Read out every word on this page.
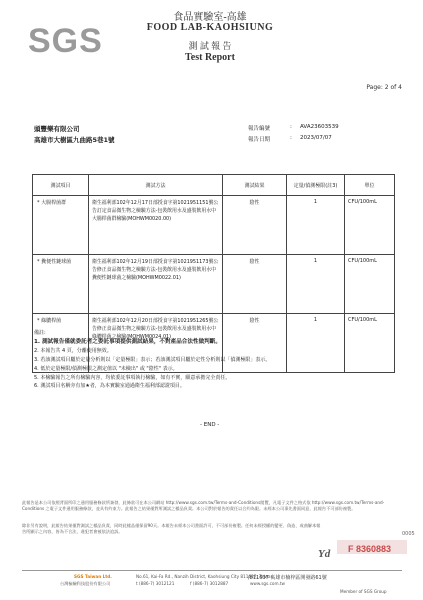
SGS
食品實驗室-高雄
FOOD LAB-KAOHSIUNG
測 試 報 告
Test Report
Page: 2 of 4
頭豐樂有限公司
高雄市大樹區九曲路5巷1號
報告編號	: AVA23603539
報告日期	: 2023/07/07
測試項目	測試方法	測試結果	定量/偵測極限(註3)	單位
* 大腸桿菌群	衛生福利部102年12月17日部授食字第1021951151號公告訂定食品微生物之檢驗方法-包裝飲用水及盛裝飲用水中大腸桿菌群檢驗(MOHWM0020.00)	陰性	1	CFU/100mL
* 糞便性鏈球菌	衛生福利部102年12月19日部授食字第1021951173號公告修正食品微生物之檢驗方法-包裝飲用水及盛裝飲用水中糞便性鏈球菌之檢驗(MOHWM0022.01)	陰性	1	CFU/100mL
* 綠膿桿菌	衛生福利部102年12月20日部授食字第1021951265號公告修正食品微生物之檢驗方法-包裝飲用水及盛裝飲用水中綠膿桿菌之檢驗(MOHWM0024.01)	陰性	1	CFU/100mL
備註:
1. 測試報告僅就委託者之委託事項提供測試結果，不對產品合法性做判斷。
2. 本報告共 4 頁，分離使用無效。
3. 若該測試項目屬於定量分析則以「定量極限」表示；若該測試項目屬於定性分析則以「偵測極限」表示。
4. 低於定量極限/偵測極限之測定值以 "未檢出" 或 "陰性" 表示。
5. 本檢驗報告之所有檢驗內容，均依委託事項執行檢驗，如有不實，願意承擔完全責任。
6. 測試項目名稱旁有加★者，為本實驗室通過衛生福利部認證項目。
- END -
此報告是本公司依照背面所印之通用服務條款所簽發，此條款可在本公司網站 http://www.sgs.com.tw/Terms-and-Conditions閱覽，凡電子文件之格式依 http://www.sgs.com.tw/Terms-and-Conditions 之電子文件通用服務條款，並具有約束力。此報告之結果僅對所測試之樣品負責。本公司對於報告的責任以合約為限。未經本公司事先書面同意，此報告不可部份複製。
除非另有說明，此報告結果僅對測試之樣品負責，同時此樣品僅保留90天。本報告未經本公司書面許可，不可部份複製。任何未經授權的變更、偽造、或曲解本報告所顯示之內容，皆為不合法，違犯者會被依法追訴。
F 8360883
Yd
0005
SGS Taiwan Ltd.
台灣檢驗科技股份有限公司
No.61, Kai-Fa Rd., Nanzih District, Kaohsiung City 811637, Taiwan
/811637 高雄市楠梓區開發路61號
t (886-7) 3012121	f (886-7) 3012887	www.sgs.com.tw
Member of SGS Group
